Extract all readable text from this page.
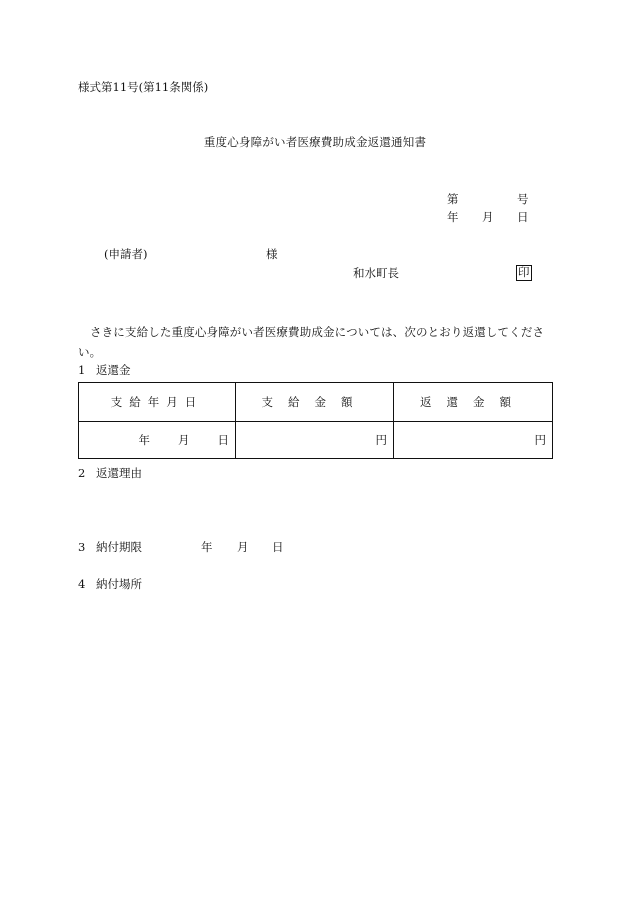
様式第11号(第11条関係)
重度心身障がい者医療費助成金返還通知書
第	号
年 月 日
(申請者)	様
和水町長	印
さきに支給した重度心身障がい者医療費助成金については、次のとおり返還してください。
1 返還金
支給年月日	支給金額	返還金額
年 月 日	円	円
2 返還理由
3 納付期限	年 月 日
4 納付場所
